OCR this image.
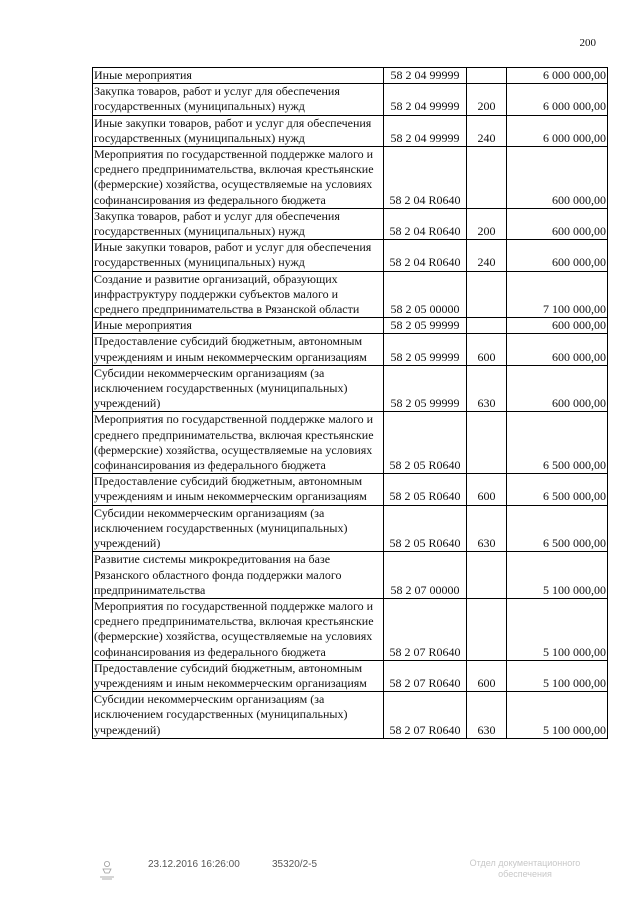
200
Иные мероприятия	58 2 04 99999		6 000 000,00
Закупка товаров, работ и услуг для обеспечения государственных (муниципальных) нужд	58 2 04 99999	200	6 000 000,00
Иные закупки товаров, работ и услуг для обеспечения государственных (муниципальных) нужд	58 2 04 99999	240	6 000 000,00
Мероприятия по государственной поддержке малого и среднего предпринимательства, включая крестьянские (фермерские) хозяйства, осуществляемые на условиях софинансирования из федерального бюджета	58 2 04 R0640		600 000,00
Закупка товаров, работ и услуг для обеспечения государственных (муниципальных) нужд	58 2 04 R0640	200	600 000,00
Иные закупки товаров, работ и услуг для обеспечения государственных (муниципальных) нужд	58 2 04 R0640	240	600 000,00
Создание и развитие организаций, образующих инфраструктуру поддержки субъектов малого и среднего предпринимательства в Рязанской области	58 2 05 00000		7 100 000,00
Иные мероприятия	58 2 05 99999		600 000,00
Предоставление субсидий бюджетным, автономным учреждениям и иным некоммерческим организациям	58 2 05 99999	600	600 000,00
Субсидии некоммерческим организациям (за исключением государственных (муниципальных) учреждений)	58 2 05 99999	630	600 000,00
Мероприятия по государственной поддержке малого и среднего предпринимательства, включая крестьянские (фермерские) хозяйства, осуществляемые на условиях софинансирования из федерального бюджета	58 2 05 R0640		6 500 000,00
Предоставление субсидий бюджетным, автономным учреждениям и иным некоммерческим организациям	58 2 05 R0640	600	6 500 000,00
Субсидии некоммерческим организациям (за исключением государственных (муниципальных) учреждений)	58 2 05 R0640	630	6 500 000,00
Развитие системы микрокредитования на базе Рязанского областного фонда поддержки малого предпринимательства	58 2 07 00000		5 100 000,00
Мероприятия по государственной поддержке малого и среднего предпринимательства, включая крестьянские (фермерские) хозяйства, осуществляемые на условиях софинансирования из федерального бюджета	58 2 07 R0640		5 100 000,00
Предоставление субсидий бюджетным, автономным учреждениям и иным некоммерческим организациям	58 2 07 R0640	600	5 100 000,00
Субсидии некоммерческим организациям (за исключением государственных (муниципальных) учреждений)	58 2 07 R0640	630	5 100 000,00
23.12.2016 16:26:00	35320/2-5	Отдел документационного
обеспечения
